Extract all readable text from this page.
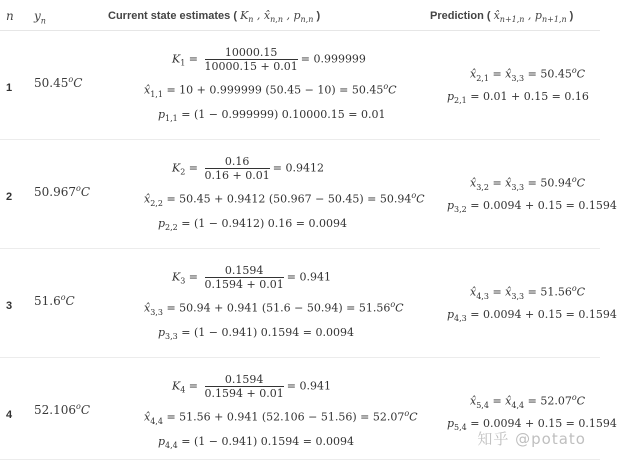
n $y_n$	Current state estimates ( $K_n$ , $x̂_{n,n}$ , $p_{n,n}$ )	Prediction ( $x̂_{n+1,n}$ , $p_{n+1,n}$ )
1 50.45$^o$C
$K_1 = \frac{10000.15}{10000.15 + 0.01} = 0.999999$
$x̂_{1,1} = 10 + 0.999999$ $(50.45 - 10) = 50.45^oC$
$p_{1,1} = (1 - 0.999999) 0.10000.15 = 0.01$
$x̂_{2,1}$ = $x̂_{3,3} = 50.45^oC$
$p_{2,1} = 0.01 + 0.15 = 0.16$
2 50.967$^o$C
$K_2 = \frac{0.16}{0.16 + 0.01} = 0.9412$
$x̂_{2,2} = 50.45 + 0.9412$ $(50.967 - 50.45) = 50.94^oC$
$p_{2,2} = (1 - 0.9412) 0.16 = 0.0094$
$x̂_{3,2}$ = $x̂_{3,3} = 50.94^oC$
$p_{3,2} = 0.0094 + 0.15 = 0.1594$
3 51.6$^o$C
$K_3 = \frac{0.1594}{0.1594 + 0.01} = 0.941$
$x̂_{3,3} = 50.94 + 0.941$ $(51.6 - 50.94) = 51.56^oC$
$p_{3,3} = (1 - 0.941) 0.1594 = 0.0094$
$x̂_{4,3}$ = $x̂_{3,3} = 51.56^oC$
$p_{4,3} = 0.0094 + 0.15 = 0.1594$
4 52.106$^o$C
$K_4 = \frac{0.1594}{0.1594 + 0.01} = 0.941$
$x̂_{4,4} = 51.56 + 0.941$ $(52.106 - 51.56) = 52.07^oC$
$p_{4,4} = (1 - 0.941) 0.1594 = 0.0094$
$x̂_{5,4}$ = $x̂_{4,4} = 52.07^oC$
$p_{5,4} = 0.0094 + 0.15 = 0.1594$
知乎 @potato
